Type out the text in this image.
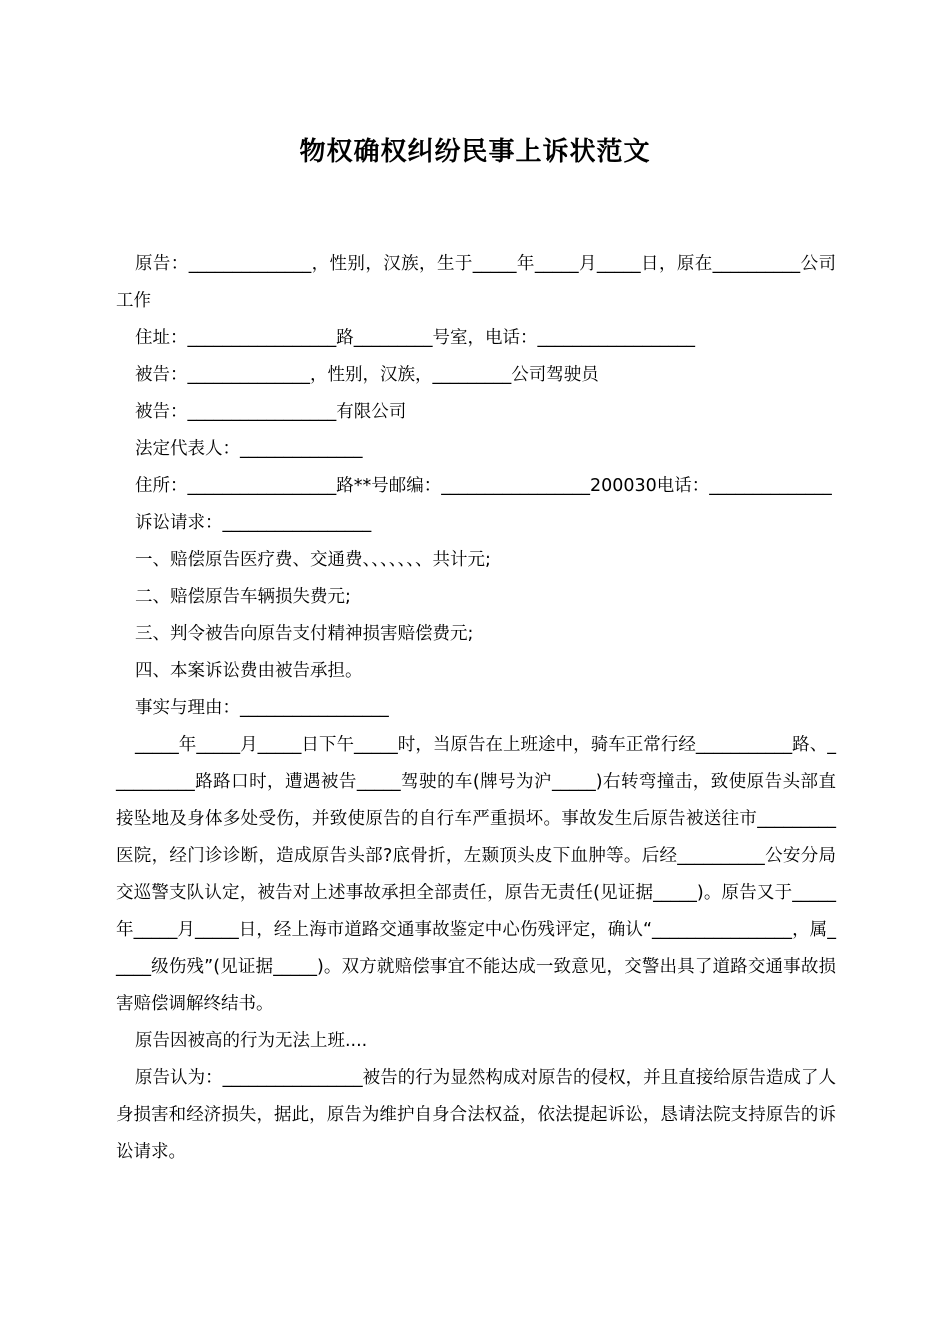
物权确权纠纷民事上诉状范文

原告：______________，性别，汉族，生于_____年_____月_____日，原在__________公司工作

住址：_________________路_________号室，电话：__________________

被告：______________，性别，汉族，_________公司驾驶员

被告：_________________有限公司

法定代表人：______________

住所：_________________路**号邮编：_________________200030电话：______________

诉讼请求：_________________

一、赔偿原告医疗费、交通费、、、、、、、共计元;

二、赔偿原告车辆损失费元;

三、判令被告向原告支付精神损害赔偿费元;

四、本案诉讼费由被告承担。

事实与理由：_________________

_____年_____月_____日下午_____时，当原告在上班途中，骑车正常行经___________路、__________路路口时，遭遇被告_____驾驶的车(牌号为沪_____)右转弯撞击，致使原告头部直接坠地及身体多处受伤，并致使原告的自行车严重损坏。事故发生后原告被送往市_________医院，经门诊诊断，造成原告头部?底骨折，左颞顶头皮下血肿等。后经__________公安分局交巡警支队认定，被告对上述事故承担全部责任，原告无责任(见证据_____)。原告又于_____年_____月_____日，经上海市道路交通事故鉴定中心伤残评定，确认“________________，属_____级伤残”(见证据_____)。双方就赔偿事宜不能达成一致意见，交警出具了道路交通事故损害赔偿调解终结书。

原告因被高的行为无法上班....

原告认为：________________被告的行为显然构成对原告的侵权，并且直接给原告造成了人身损害和经济损失，据此，原告为维护自身合法权益，依法提起诉讼，恳请法院支持原告的诉讼请求。
